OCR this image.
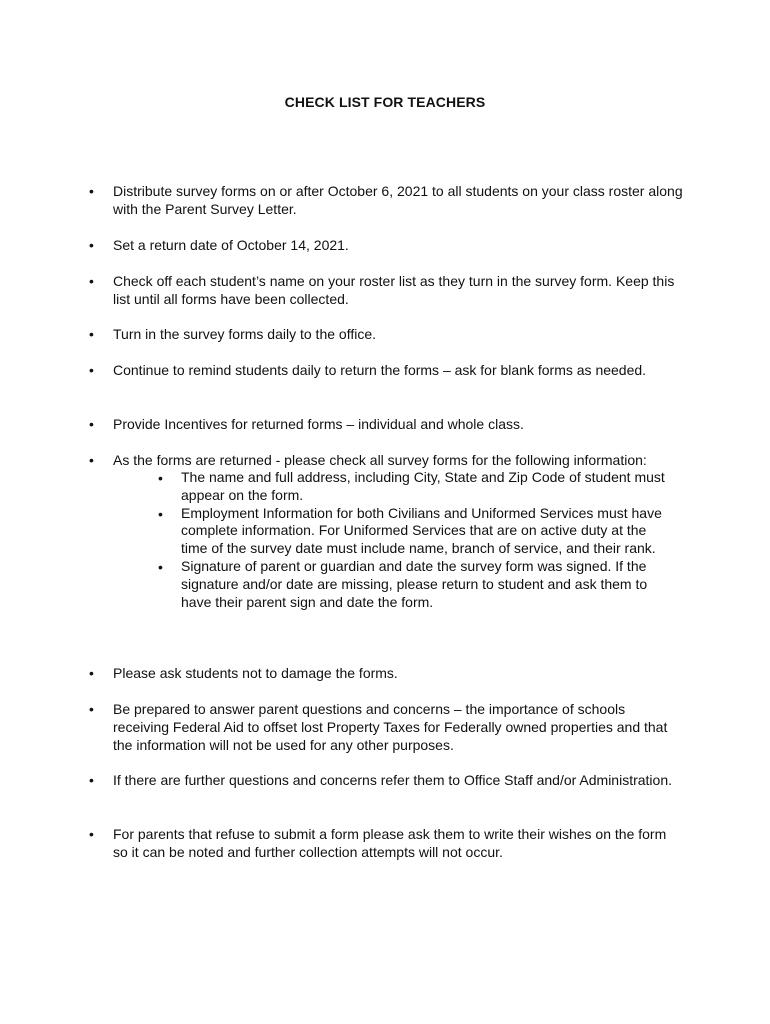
CHECK LIST FOR TEACHERS
•	Distribute survey forms on or after October 6, 2021 to all students on your class roster along with the Parent Survey Letter.
•	Set a return date of October 14, 2021.
•	Check off each student’s name on your roster list as they turn in the survey form. Keep this list until all forms have been collected.
•	Turn in the survey forms daily to the office.
•	Continue to remind students daily to return the forms – ask for blank forms as needed.
•	Provide Incentives for returned forms – individual and whole class.
•	As the forms are returned - please check all survey forms for the following information:
• The name and full address, including City, State and Zip Code of student must appear on the form.
• Employment Information for both Civilians and Uniformed Services must have complete information. For Uniformed Services that are on active duty at the time of the survey date must include name, branch of service, and their rank.
• Signature of parent or guardian and date the survey form was signed. If the signature and/or date are missing, please return to student and ask them to have their parent sign and date the form.
•	Please ask students not to damage the forms.
•	Be prepared to answer parent questions and concerns – the importance of schools receiving Federal Aid to offset lost Property Taxes for Federally owned properties and that the information will not be used for any other purposes.
•	If there are further questions and concerns refer them to Office Staff and/or Administration.
•	For parents that refuse to submit a form please ask them to write their wishes on the form so it can be noted and further collection attempts will not occur.
